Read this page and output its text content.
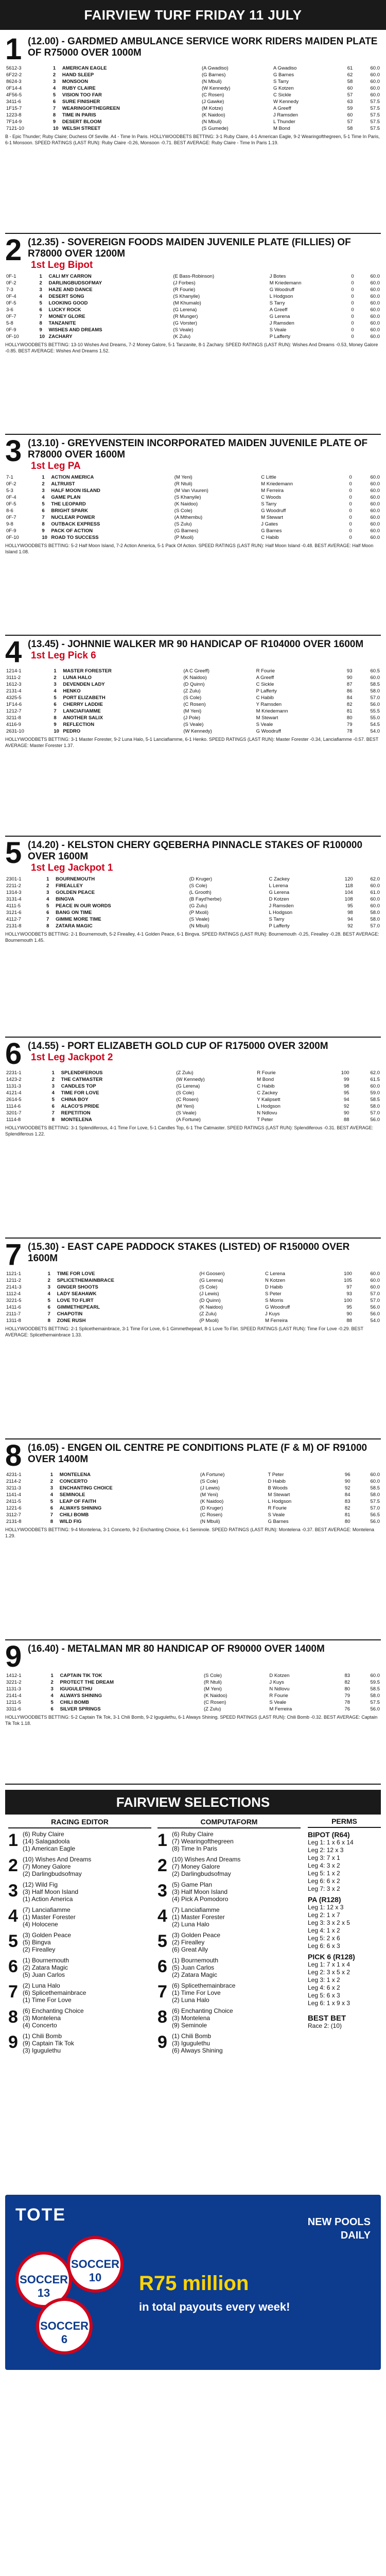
FAIRVIEW TURF FRIDAY 11 JULY
1 (12.00) - GARDMED AMBULANCE SERVICE WORK RIDERS MAIDEN PLATE OF R75000 OVER 1000M
5612-3	1	AMERICAN EAGLE	(A Gwadiso)	A Gwadiso	61	60.0
6F22-2	2	HAND SLEEP	(G Barnes)	G Barnes	62	60.0
8624-3	3	MONSOON	(N Mbuli)	S Tarry	58	60.0
0F14-4	4	RUBY CLAIRE	(W Kennedy)	G Kotzen	60	60.0
4F56-5	5	VISION TOO FAR	(C Rosen)	C Sickle	57	60.0
3411-6	6	SURE FINISHER	(J Gawke)	W Kennedy	63	57.5
1F15-7	7	WEARINGOFTHEGREEN	(M Kotze)	A Greeff	59	57.5
1223-8	8	TIME IN PARIS	(K Naidoo)	J Ramsden	60	57.5
7F14-9	9	DESERT BLOOM	(N Mbuli)	L Thunder	57	57.5
7121-10	10	WELSH STREET	(S Gumede)	M Bond	58	57.5
B - Epic Thunder; Ruby Claire; Duchess Of Seville. A4 - Time In Paris. HOLLYWOODBETS BETTING: 3-1 Ruby Claire, 4-1 American Eagle, 9-2 Wearingofthegreen, 5-1 Time In Paris, 6-1 Monsoon. SPEED RATINGS (LAST RUN): Ruby Claire -0.26, Monsoon -0.71. BEST AVERAGE: Ruby Claire - Time In Paris 1.19.
2 (12.35) - SOVEREIGN FOODS MAIDEN JUVENILE PLATE (FILLIES) OF R78000 OVER 1200M
1st Leg Bipot
0F-1	1	CALI MY CARRON	(E Bass-Robinson)	J Botes	0	60.0
0F-2	2	DARLINGBUDSOFMAY	(J Forbes)	M Kriedemann	0	60.0
7-3	3	HAZE AND DANCE	(R Fourie)	G Woodruff	0	60.0
0F-4	4	DESERT SONG	(S Khanyile)	L Hodgson	0	60.0
0F-5	5	LOOKING GOOD	(M Khumalo)	S Tarry	0	60.0
3-6	6	LUCKY ROCK	(G Lerena)	A Greeff	0	60.0
0F-7	7	MONEY GLORE	(R Munger)	G Lerena	0	60.0
5-8	8	TANZANITE	(G Vorster)	J Ramsden	0	60.0
0F-9	9	WISHES AND DREAMS	(S Veale)	S Veale	0	60.0
0F-10	10	ZACHARY	(K Zulu)	P Lafferty	0	60.0
HOLLYWOODBETS BETTING: 13-10 Wishes And Dreams, 7-2 Money Galore, 5-1 Tanzanite, 8-1 Zachary. SPEED RATINGS (LAST RUN): Wishes And Dreams -0.53, Money Galore -0.85. BEST AVERAGE: Wishes And Dreams 1.52.
3 (13.10) - GREYVENSTEIN INCORPORATED MAIDEN JUVENILE PLATE OF R78000 OVER 1600M
1st Leg PA
7-1	1	ACTION AMERICA	(M Yeni)	C Little	0	60.0
0F-2	2	ALTRUIST	(R Ntuli)	M Kriedemann	0	60.0
5-3	3	HALF MOON ISLAND	(M Van Vuuren)	M Ferreira	0	60.0
0F-4	4	GAME PLAN	(S Khanyile)	C Woods	0	60.0
0F-5	5	THE LEOPARD	(K Naidoo)	S Tarry	0	60.0
8-6	6	BRIGHT SPARK	(S Cole)	G Woodruff	0	60.0
0F-7	7	NUCLEAR POWER	(A Mthembu)	M Stewart	0	60.0
9-8	8	OUTBACK EXPRESS	(S Zulu)	J Gates	0	60.0
0F-9	9	PACK OF ACTION	(G Barnes)	G Barnes	0	60.0
0F-10	10	ROAD TO SUCCESS	(P Mxoli)	C Habib	0	60.0
HOLLYWOODBETS BETTING: 5-2 Half Moon Island, 7-2 Action America, 5-1 Pack Of Action. SPEED RATINGS (LAST RUN): Half Moon Island -0.48. BEST AVERAGE: Half Moon Island 1.08.
4 (13.45) - JOHNNIE WALKER MR 90 HANDICAP OF R104000 OVER 1600M
1st Leg Pick 6
1214-1	1	MASTER FORESTER	(A C Greeff)	R Fourie	93	60.5
3111-2	2	LUNA HALO	(K Naidoo)	A Greeff	90	60.0
1612-3	3	DEVENDEN LADY	(D Quinn)	C Sickle	87	58.5
2131-4	4	HENKO	(Z Zulu)	P Lafferty	86	58.0
4325-5	5	PORT ELIZABETH	(S Cole)	C Habib	84	57.0
1F14-6	6	CHERRY LADDIE	(C Rosen)	Y Ramsden	82	56.0
1212-7	7	LANCIAFIAMME	(M Yeni)	M Kriedemann	81	55.5
3211-8	8	ANOTHER SALIX	(J Pole)	M Stewart	80	55.0
4116-9	9	REFLECTION	(S Veale)	S Veale	79	54.5
2631-10	10	PEDRO	(W Kennedy)	G Woodruff	78	54.0
HOLLYWOODBETS BETTING: 3-1 Master Forester, 9-2 Luna Halo, 5-1 Lanciafiamme, 6-1 Henko. SPEED RATINGS (LAST RUN): Master Forester -0.34, Lanciafiamme -0.57. BEST AVERAGE: Master Forester 1.37.
5 (14.20) - KELSTON CHERY GQEBERHA PINNACLE STAKES OF R100000 OVER 1600M
1st Leg Jackpot 1
2301-1	1	BOURNEMOUTH	(D Kruger)	C Zackey	120	62.0
2211-2	2	FIREALLEY	(S Cole)	L Lerena	118	60.0
1314-3	3	GOLDEN PEACE	(L Grooth)	G Lerena	104	61.0
3131-4	4	BINGVA	(B Fayd'herbe)	D Kotzen	108	60.0
4111-5	5	PEACE IN OUR WORDS	(G Zulu)	J Ramsden	95	60.0
3121-6	6	BANG ON TIME	(P Mxoli)	L Hodgson	98	58.0
4112-7	7	GIMME MORE TIME	(S Veale)	S Tarry	94	58.0
2131-8	8	ZATARA MAGIC	(N Mbuli)	P Lafferty	92	57.0
HOLLYWOODBETS BETTING: 2-1 Bournemouth, 5-2 Firealley, 4-1 Golden Peace, 6-1 Bingva. SPEED RATINGS (LAST RUN): Bournemouth -0.25, Firealley -0.28. BEST AVERAGE: Bournemouth 1.45.
6 (14.55) - PORT ELIZABETH GOLD CUP OF R175000 OVER 3200M
1st Leg Jackpot 2
2231-1	1	SPLENDIFEROUS	(Z Zulu)	R Fourie	100	62.0
1423-2	2	THE CATMASTER	(W Kennedy)	M Bond	99	61.5
1131-3	3	CANDLES TOP	(G Lerena)	C Habib	98	60.0
4121-4	4	TIME FOR LOVE	(S Cole)	C Zackey	95	59.0
2614-5	5	CHINA BOY	(C Rosen)	Y Kalipsett	94	58.5
1114-6	6	ALACO'S PRIDE	(M Yeni)	L Hodgson	92	58.0
3201-7	7	REPETITION	(S Veale)	N Ndlovu	90	57.0
1114-8	8	MONTELENA	(A Fortune)	T Peter	88	56.0
HOLLYWOODBETS BETTING: 3-1 Splendiferous, 4-1 Time For Love, 5-1 Candles Top, 6-1 The Catmaster. SPEED RATINGS (LAST RUN): Splendiferous -0.31. BEST AVERAGE: Splendiferous 1.22.
7 (15.30) - EAST CAPE PADDOCK STAKES (LISTED) OF R150000 OVER 1600M
1121-1	1	TIME FOR LOVE	(H Goosen)	C Lerena	100	60.0
1211-2	2	SPLICETHEMAINBRACE	(G Lerena)	N Kotzen	105	60.0
2141-3	3	GINGER SHOOTS	(S Cole)	D Habib	97	60.0
1112-4	4	LADY SEAHAWK	(J Lewis)	S Peter	93	57.0
3221-5	5	LOVE TO FLIRT	(D Quinn)	S Morris	100	57.0
1411-6	6	GIMMETHEPEARL	(K Naidoo)	G Woodruff	95	56.0
2111-7	7	CHAPOTIN	(Z Zulu)	J Kuys	90	56.0
1311-8	8	ZONE RUSH	(P Mxoli)	M Ferreira	88	54.0
HOLLYWOODBETS BETTING: 2-1 Splicethemainbrace, 3-1 Time For Love, 6-1 Gimmethepearl, 8-1 Love To Flirt. SPEED RATINGS (LAST RUN): Time For Love -0.29. BEST AVERAGE: Splicethemainbrace 1.33.
8 (16.05) - ENGEN OIL CENTRE PE CONDITIONS PLATE (F & M) OF R91000 OVER 1400M
4231-1	1	MONTELENA	(A Fortune)	T Peter	96	60.0
2114-2	2	CONCERTO	(S Cole)	D Habib	90	60.0
3211-3	3	ENCHANTING CHOICE	(J Lewis)	B Woods	92	58.5
1141-4	4	SEMINOLE	(M Yeni)	M Stewart	84	58.0
2411-5	5	LEAP OF FAITH	(K Naidoo)	L Hodgson	83	57.5
1221-6	6	ALWAYS SHINING	(D Kruger)	R Fourie	82	57.0
3112-7	7	CHILI BOMB	(C Rosen)	S Veale	81	56.5
2131-8	8	WILD FIG	(N Mbuli)	G Barnes	80	56.0
HOLLYWOODBETS BETTING: 9-4 Montelena, 3-1 Concerto, 9-2 Enchanting Choice, 6-1 Seminole. SPEED RATINGS (LAST RUN): Montelena -0.37. BEST AVERAGE: Montelena 1.29.
9 (16.40) - METALMAN MR 80 HANDICAP OF R90000 OVER 1400M
1412-1	1	CAPTAIN TIK TOK	(S Cole)	D Kotzen	83	60.0
3221-2	2	PROTECT THE DREAM	(R Ntuli)	J Kuys	82	59.5
1131-3	3	IGUGULETHU	(M Yeni)	N Ndlovu	80	58.5
2141-4	4	ALWAYS SHINING	(K Naidoo)	R Fourie	79	58.0
1211-5	5	CHILI BOMB	(C Rosen)	S Veale	78	57.5
3311-6	6	SILVER SPRINGS	(Z Zulu)	M Ferreira	76	56.0
HOLLYWOODBETS BETTING: 5-2 Captain Tik Tok, 3-1 Chili Bomb, 9-2 Igugulethu, 6-1 Always Shining. SPEED RATINGS (LAST RUN): Chili Bomb -0.32. BEST AVERAGE: Captain Tik Tok 1.18.
FAIRVIEW SELECTIONS
RACING EDITOR
1 (6) Ruby Claire
(14) Salagadoola
(1) American Eagle
2 (10) Wishes And Dreams
(7) Money Galore
(2) Darlingbudsofmay
3 (12) Wild Fig
(3) Half Moon Island
(1) Action America
4 (7) Lanciafiamme
(1) Master Forester
(4) Holocene
5 (3) Golden Peace
(5) Bingva
(2) Firealley
6 (1) Bournemouth
(2) Zatara Magic
(5) Juan Carlos
7 (2) Luna Halo
(6) Splicethemainbrace
(1) Time For Love
8 (6) Enchanting Choice
(3) Montelena
(4) Concerto
9 (1) Chili Bomb
(9) Captain Tik Tok
(3) Igugulethu
COMPUTAFORM
1 (6) Ruby Claire
(7) Wearingofthegreen
(8) Time In Paris
2 (10) Wishes And Dreams
(7) Money Galore
(2) Darlingbudsofmay
3 (5) Game Plan
(3) Half Moon Island
(4) Pick A Pomodoro
4 (7) Lanciafiamme
(1) Master Forester
(2) Luna Halo
5 (3) Golden Peace
(2) Firealley
(6) Great Ally
6 (1) Bournemouth
(5) Juan Carlos
(2) Zatara Magic
7 (6) Splicethemainbrace
(1) Time For Love
(2) Luna Halo
8 (6) Enchanting Choice
(3) Montelena
(9) Seminole
9 (1) Chili Bomb
(3) Igugulethu
(6) Always Shining
PERMS
BIPOT (R64)
Leg 1: 1 x 6 x 14
Leg 2: 12 x 3
Leg 3: 7 x 1
Leg 4: 3 x 2
Leg 5: 1 x 2
Leg 6: 6 x 2
Leg 7: 3 x 2
PA (R128)
Leg 1: 12 x 3
Leg 2: 1 x 7
Leg 3: 3 x 2 x 5
Leg 4: 1 x 2
Leg 5: 2 x 6
Leg 6: 6 x 3
PICK 6 (R128)
Leg 1: 7 x 1 x 4
Leg 2: 3 x 5 x 2
Leg 3: 1 x 2
Leg 4: 6 x 2
Leg 5: 6 x 3
Leg 6: 1 x 9 x 3
BEST BET
Race 2: (10)
TOTE
SOCCER 13
SOCCER 10
SOCCER 6
R75 million
in total payouts every week!
NEW POOLS DAILY
